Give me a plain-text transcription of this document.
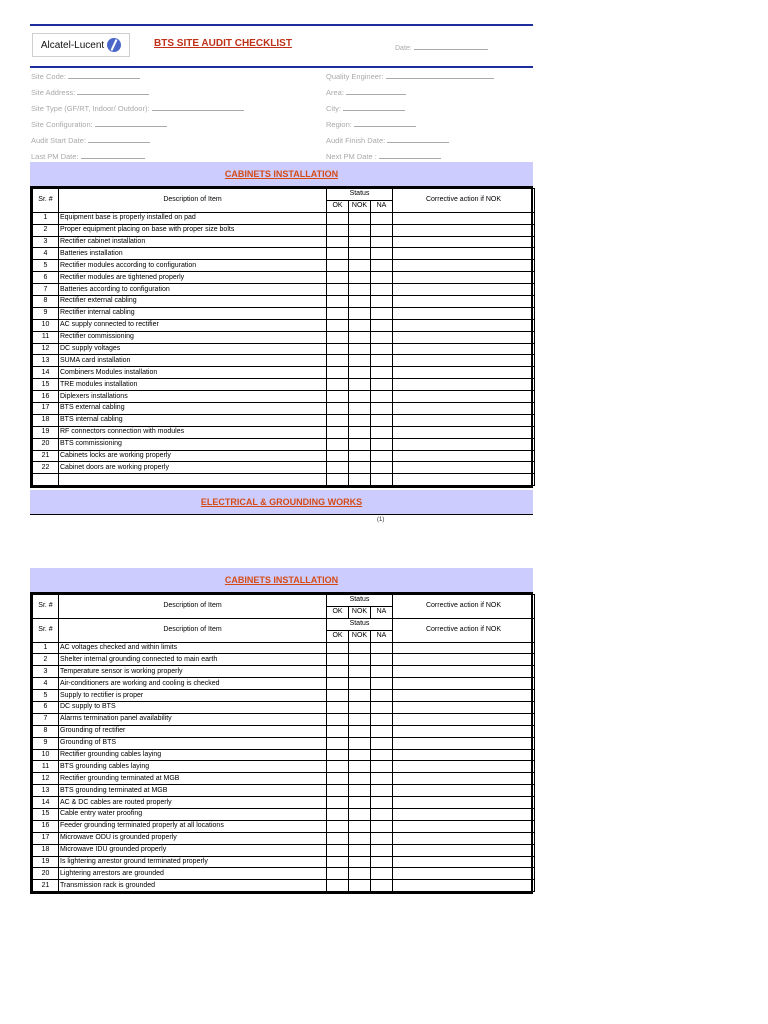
Alcatel-Lucent	BTS SITE AUDIT CHECKLIST	Date:
Site Code:
Site Address:
Site Type (GF/RT, Indoor/ Outdoor):
Site Configuration:
Audit Start Date:
Last PM Date:
Quality Engineer:
Area:
City:
Region:
Audit Finish Date:
Next PM Date :
CABINETS INSTALLATION
Sr. #	Description of Item	Status			Corrective action if NOK
		OK	NOK	NA	
1	Equipment base is properly installed on pad				
2	Proper equipment placing on base with proper size bolts				
3	Rectifier cabinet installation				
4	Batteries installation				
5	Rectifier modules according to configuration				
6	Rectifier modules are tightened properly				
7	Batteries according to configuration				
8	Rectifier external cabling				
9	Rectifier internal cabling				
10	AC supply connected to rectifier				
11	Rectifier commissioning				
12	DC supply voltages				
13	SUMA card installation				
14	Combiners Modules installation				
15	TRE modules installation				
16	Diplexers installations				
17	BTS external cabling				
18	BTS internal cabling				
19	RF connectors connection with modules				
20	BTS commissioning				
21	Cabinets locks are working properly				
22	Cabinet doors are working properly				

ELECTRICAL & GROUNDING WORKS
(1)
CABINETS INSTALLATION
Sr. #	Description of Item	Status			Corrective action if NOK
		OK	NOK	NA	
Sr. #	Description of Item	Status			Corrective action if NOK
		OK	NOK	NA	
1	AC voltages checked and within limits				
2	Shelter internal grounding connected to main earth				
3	Temperature sensor is working properly				
4	Air-conditioners are working and cooling is checked				
5	Supply to rectifier is proper				
6	DC supply to BTS				
7	Alarms termination panel availability				
8	Grounding of rectifier				
9	Grounding of BTS				
10	Rectifier grounding cables laying				
11	BTS grounding cables laying				
12	Rectifier grounding terminated at MGB				
13	BTS grounding terminated at MGB				
14	AC & DC cables are routed properly				
15	Cable entry water proofing				
16	Feeder grounding terminated properly at all locations				
17	Microwave ODU is grounded properly				
18	Microwave IDU grounded properly				
19	Is lightering arrestor ground terminated properly				
20	Lightering arrestors are grounded				
21	Transmission rack is grounded				
